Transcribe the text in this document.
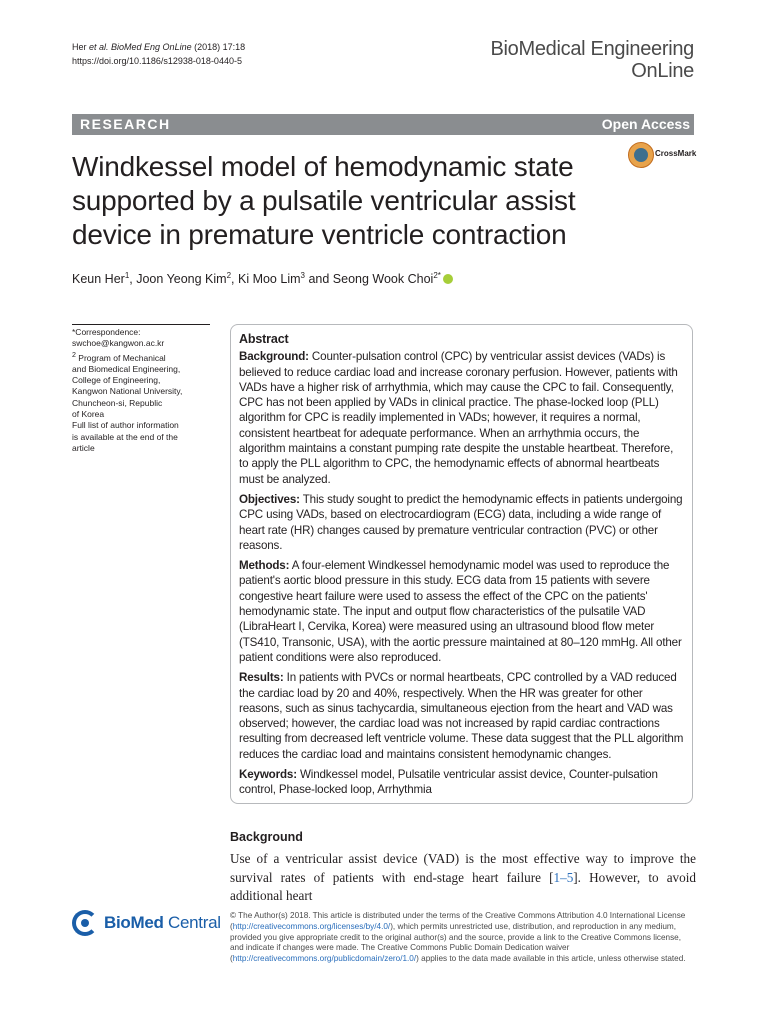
Her et al. BioMed Eng OnLine (2018) 17:18
https://doi.org/10.1186/s12938-018-0440-5
BioMedical Engineering
OnLine
RESEARCH	Open Access
Windkessel model of hemodynamic state supported by a pulsatile ventricular assist device in premature ventricle contraction
CrossMark
Keun Her$^1$, Joon Yeong Kim$^2$, Ki Moo Lim$^3$ and Seong Wook Choi$^{2*}$
*Correspondence:
swchoe@kangwon.ac.kr
$^2$ Program of Mechanical
and Biomedical Engineering,
College of Engineering,
Kangwon National University,
Chuncheon-si, Republic
of Korea
Full list of author information
is available at the end of the
article
Abstract

Background: Counter-pulsation control (CPC) by ventricular assist devices (VADs) is believed to reduce cardiac load and increase coronary perfusion. However, patients with VADs have a higher risk of arrhythmia, which may cause the CPC to fail. Consequently, CPC has not been applied by VADs in clinical practice. The phase-locked loop (PLL) algorithm for CPC is readily implemented in VADs; however, it requires a normal, consistent heartbeat for adequate performance. When an arrhythmia occurs, the algorithm maintains a constant pumping rate despite the unstable heartbeat. Therefore, to apply the PLL algorithm to CPC, the hemodynamic effects of abnormal heartbeats must be analyzed.

Objectives: This study sought to predict the hemodynamic effects in patients undergoing CPC using VADs, based on electrocardiogram (ECG) data, including a wide range of heart rate (HR) changes caused by premature ventricular contraction (PVC) or other reasons.

Methods: A four-element Windkessel hemodynamic model was used to reproduce the patient's aortic blood pressure in this study. ECG data from 15 patients with severe congestive heart failure were used to assess the effect of the CPC on the patients' hemodynamic state. The input and output flow characteristics of the pulsatile VAD (LibraHeart I, Cervika, Korea) were measured using an ultrasound blood flow meter (TS410, Transonic, USA), with the aortic pressure maintained at 80–120 mmHg. All other patient conditions were also reproduced.

Results: In patients with PVCs or normal heartbeats, CPC controlled by a VAD reduced the cardiac load by 20 and 40%, respectively. When the HR was greater for other reasons, such as sinus tachycardia, simultaneous ejection from the heart and VAD was observed; however, the cardiac load was not increased by rapid cardiac contractions resulting from decreased left ventricle volume. These data suggest that the PLL algorithm reduces the cardiac load and maintains consistent hemodynamic changes.

Keywords: Windkessel model, Pulsatile ventricular assist device, Counter-pulsation control, Phase-locked loop, Arrhythmia

Background
Use of a ventricular assist device (VAD) is the most effective way to improve the survival rates of patients with end-stage heart failure [1–5]. However, to avoid additional heart
BioMed Central © The Author(s) 2018. This article is distributed under the terms of the Creative Commons Attribution 4.0 International License (http://creativecommons.org/licenses/by/4.0/), which permits unrestricted use, distribution, and reproduction in any medium, provided you give appropriate credit to the original author(s) and the source, provide a link to the Creative Commons license, and indicate if changes were made. The Creative Commons Public Domain Dedication waiver (http://creativecommons.org/publicdomain/zero/1.0/) applies to the data made available in this article, unless otherwise stated.
